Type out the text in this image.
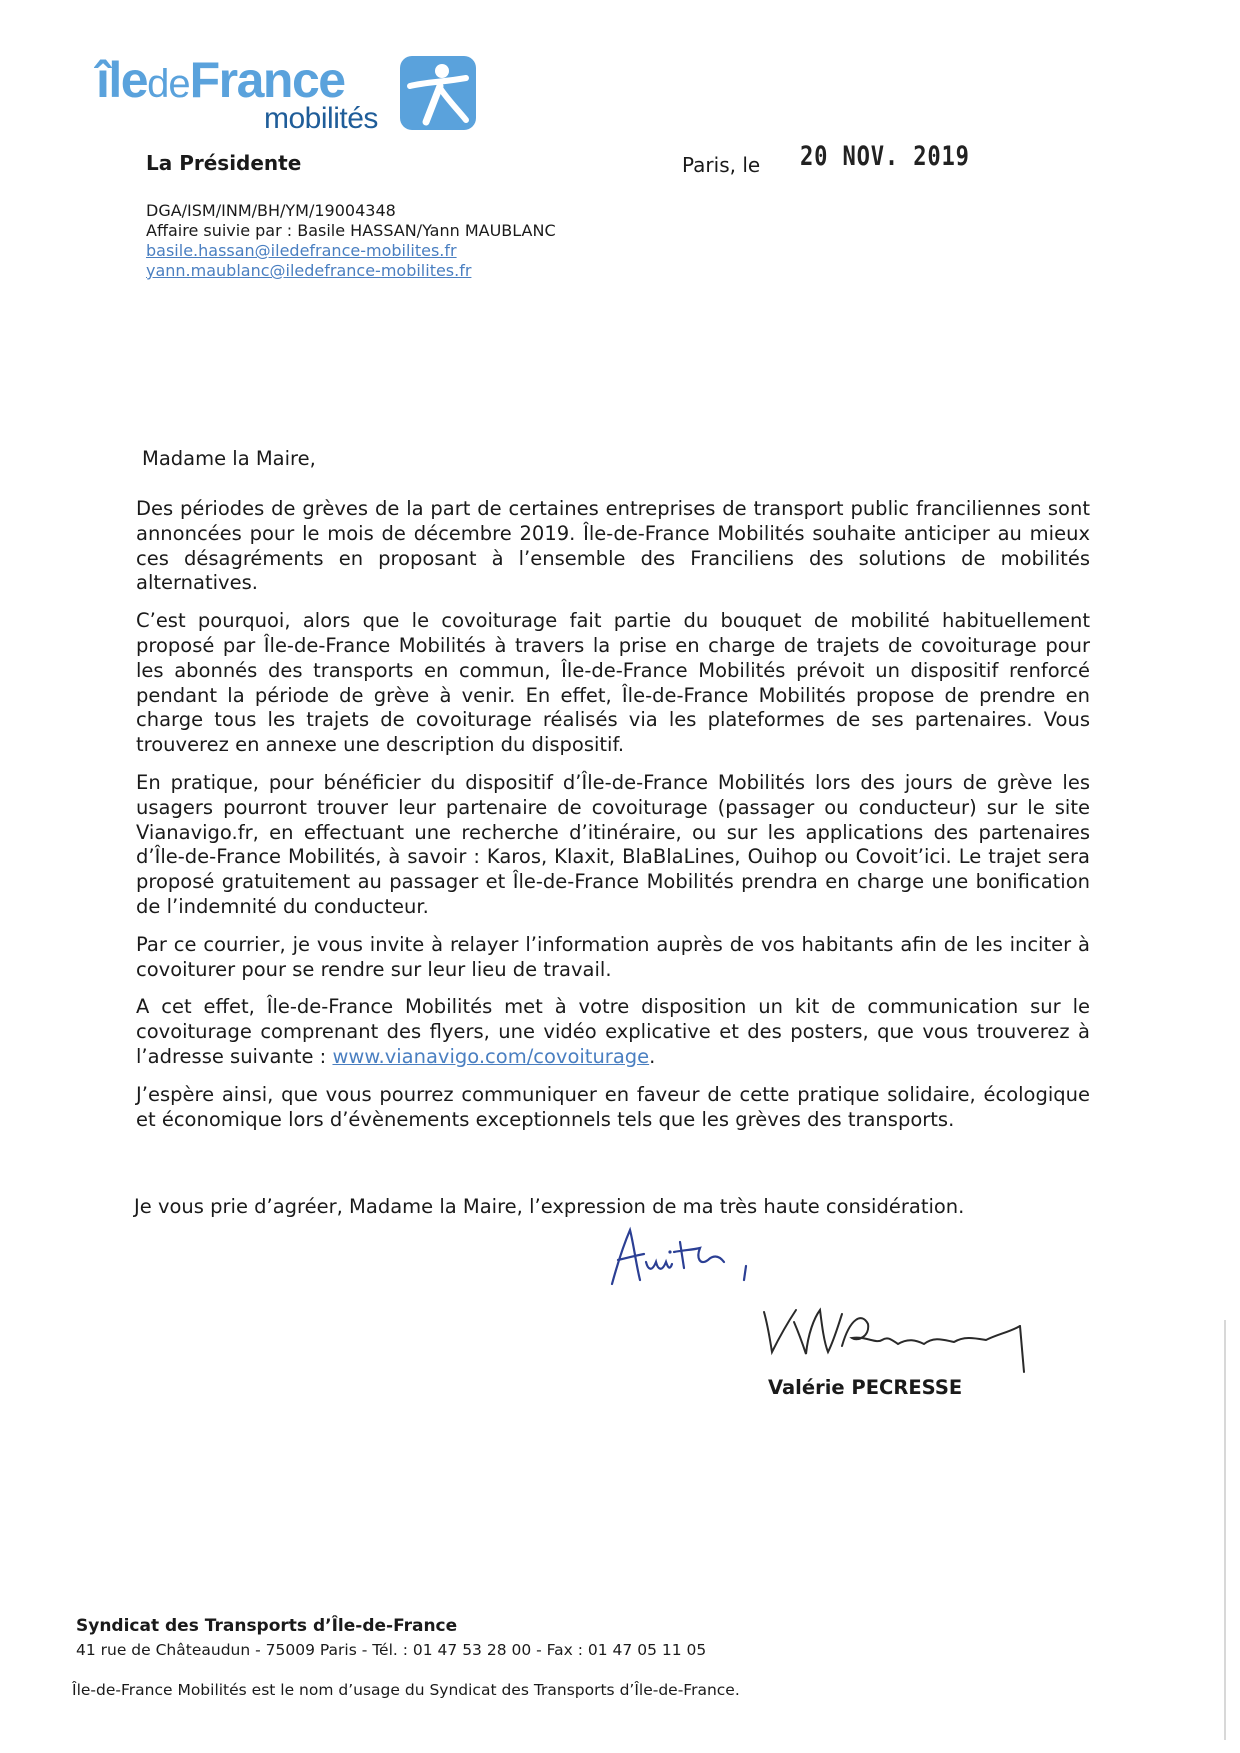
îledeFrance
mobilités
La Présidente	Paris, le 20 NOV. 2019
DGA/ISM/INM/BH/YM/19004348
Affaire suivie par : Basile HASSAN/Yann MAUBLANC
basile.hassan@iledefrance-mobilites.fr
yann.maublanc@iledefrance-mobilites.fr
Madame la Maire,

Des périodes de grèves de la part de certaines entreprises de transport public franciliennes sont annoncées pour le mois de décembre 2019. Île-de-France Mobilités souhaite anticiper au mieux ces désagréments en proposant à l’ensemble des Franciliens des solutions de mobilités alternatives.

C’est pourquoi, alors que le covoiturage fait partie du bouquet de mobilité habituellement proposé par Île-de-France Mobilités à travers la prise en charge de trajets de covoiturage pour les abonnés des transports en commun, Île-de-France Mobilités prévoit un dispositif renforcé pendant la période de grève à venir. En effet, Île-de-France Mobilités propose de prendre en charge tous les trajets de covoiturage réalisés via les plateformes de ses partenaires. Vous trouverez en annexe une description du dispositif.

En pratique, pour bénéficier du dispositif d’Île-de-France Mobilités lors des jours de grève les usagers pourront trouver leur partenaire de covoiturage (passager ou conducteur) sur le site Vianavigo.fr, en effectuant une recherche d’itinéraire, ou sur les applications des partenaires d’Île-de-France Mobilités, à savoir : Karos, Klaxit, BlaBlaLines, Ouihop ou Covoit’ici. Le trajet sera proposé gratuitement au passager et Île-de-France Mobilités prendra en charge une bonification de l’indemnité du conducteur.

Par ce courrier, je vous invite à relayer l’information auprès de vos habitants afin de les inciter à covoiturer pour se rendre sur leur lieu de travail.

A cet effet, Île-de-France Mobilités met à votre disposition un kit de communication sur le covoiturage comprenant des flyers, une vidéo explicative et des posters, que vous trouverez à l’adresse suivante : www.vianavigo.com/covoiturage.

J’espère ainsi, que vous pourrez communiquer en faveur de cette pratique solidaire, écologique et économique lors d’évènements exceptionnels tels que les grèves des transports.

Je vous prie d’agréer, Madame la Maire, l’expression de ma très haute considération.
Valérie PECRESSE
Syndicat des Transports d’Île-de-France
41 rue de Châteaudun - 75009 Paris - Tél. : 01 47 53 28 00 - Fax : 01 47 05 11 05
Île-de-France Mobilités est le nom d’usage du Syndicat des Transports d’Île-de-France.
